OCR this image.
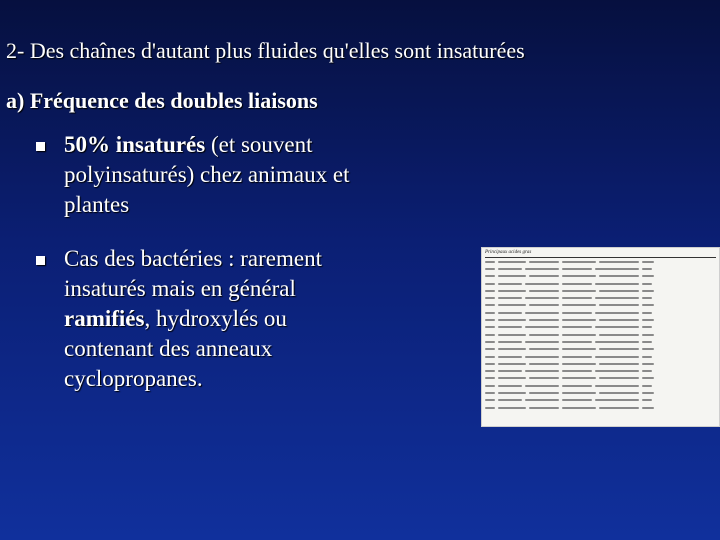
2- Des chaînes d'autant plus fluides qu'elles sont insaturées
a) Fréquence des doubles liaisons
50% insaturés (et souvent polyinsaturés) chez animaux et plantes
Cas des bactéries : rarement insaturés mais en général ramifiés, hydroxylés ou contenant des anneaux cyclopropanes.
Principaux acides gras
